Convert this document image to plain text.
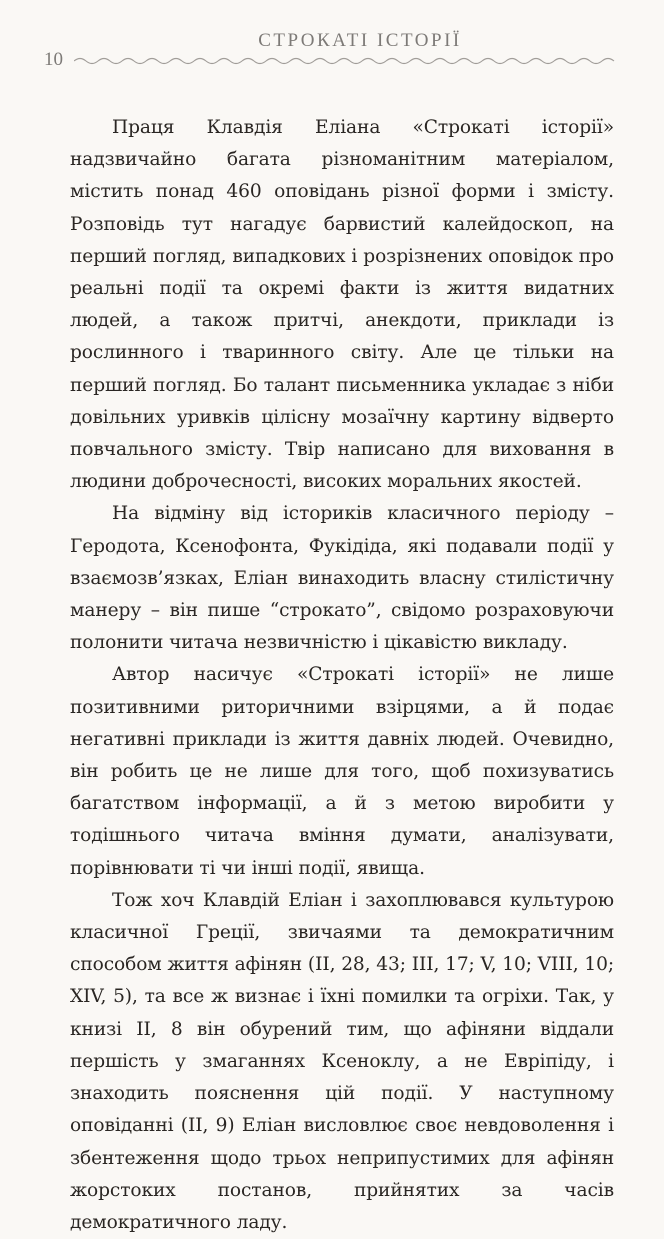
СТРОКАТІ ІСТОРІЇ
10

Праця Клавдія Еліана «Строкаті історії» надзвичайно багата різноманітним матеріалом, містить понад 460 оповідань різної форми і змісту. Розповідь тут нагадує барвистий калейдоскоп, на перший погляд, випадкових і розрізнених оповідок про реальні події та окремі факти із життя видатних людей, а також притчі, анекдоти, приклади із рослинного і тваринного світу. Але це тільки на перший погляд. Бо талант письменника укладає з ніби довільних уривків цілісну мозаїчну картину відверто повчального змісту. Твір написано для виховання в людини доброчесності, високих моральних якостей.

На відміну від історикiв класичного періоду – Геродота, Ксенофонта, Фукідіда, які подавали події у взаємозв’язках, Еліан винаходить власну стилістичну манеру – він пише “строкато”, свідомо розраховуючи полонити читача незвичністю і цікавістю викладу.

Автор насичує «Строкаті історії» не лише позитивними риторичними взірцями, а й подає негативні приклади із життя давніх людей. Очевидно, він робить це не лише для того, щоб похизуватись багатством інформації, а й з метою виробити у тодішнього читача вміння думати, аналізувати, порівнювати ті чи інші події, явища.

Тож хоч Клавдій Еліан і захоплювався культурою класичної Греції, звичаями та демократичним способом життя афінян (II, 28, 43; III, 17; V, 10; VIII, 10; XIV, 5), та все ж визнає і їхні помилки та огріхи. Так, у книзі II, 8 він обурений тим, що афіняни віддали першість у змаганнях Ксеноклу, а не Евріпіду, і знаходить пояснення цій події. У наступному оповіданні (II, 9) Еліан висловлює своє невдоволення і збентеження щодо трьох неприпустимих для афінян жорстоких постанов, прийнятих за часів демократичного ладу.
